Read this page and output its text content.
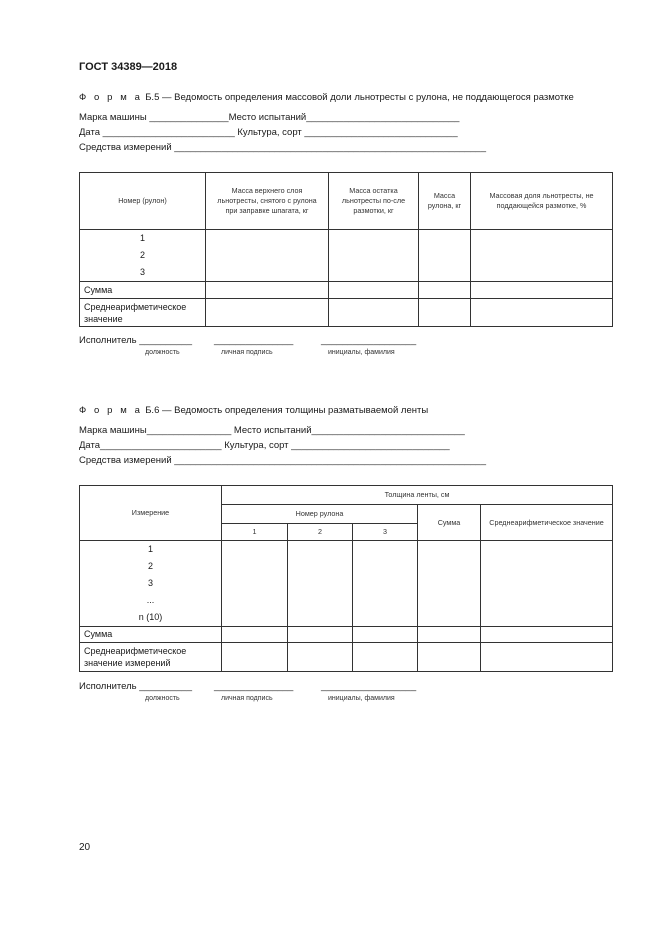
ГОСТ 34389—2018
Ф о р м а Б.5 — Ведомость определения массовой доли льнотресты с рулона, не поддающегося размотке
Марка машины _______________Место испытаний_____________________________
Дата _________________________ Культура, сорт _____________________________
Средства измерений ___________________________________________________________
Номер (рулон)	Масса верхнего слоя льнотресты, снятого с рулона при заправке шпагата, кг	Масса остатка льнотресты по-сле размотки, кг	Масса рулона, кг	Массовая доля льнотресты, не поддающейся размотке, %

1
2
3				

Сумма				
Среднеарифметическое значение				
Исполнитель __________ _______________	__________________
должность	личная подпись	инициалы, фамилия
Ф о р м а Б.6 — Ведомость определения толщины разматываемой ленты
Марка машины________________ Место испытаний_____________________________
Дата_______________________ Культура, сорт ______________________________
Средства измерений ___________________________________________________________
Измерение	Толщина ленты, см				
	Номер рулона			Сумма	Среднеарифметическое значение
	1	2	3		

1
2
3
...
n (10)					

Сумма					
Среднеарифметическое значение измерений					
Исполнитель __________ _______________	__________________
должность	личная подпись	инициалы, фамилия
20
